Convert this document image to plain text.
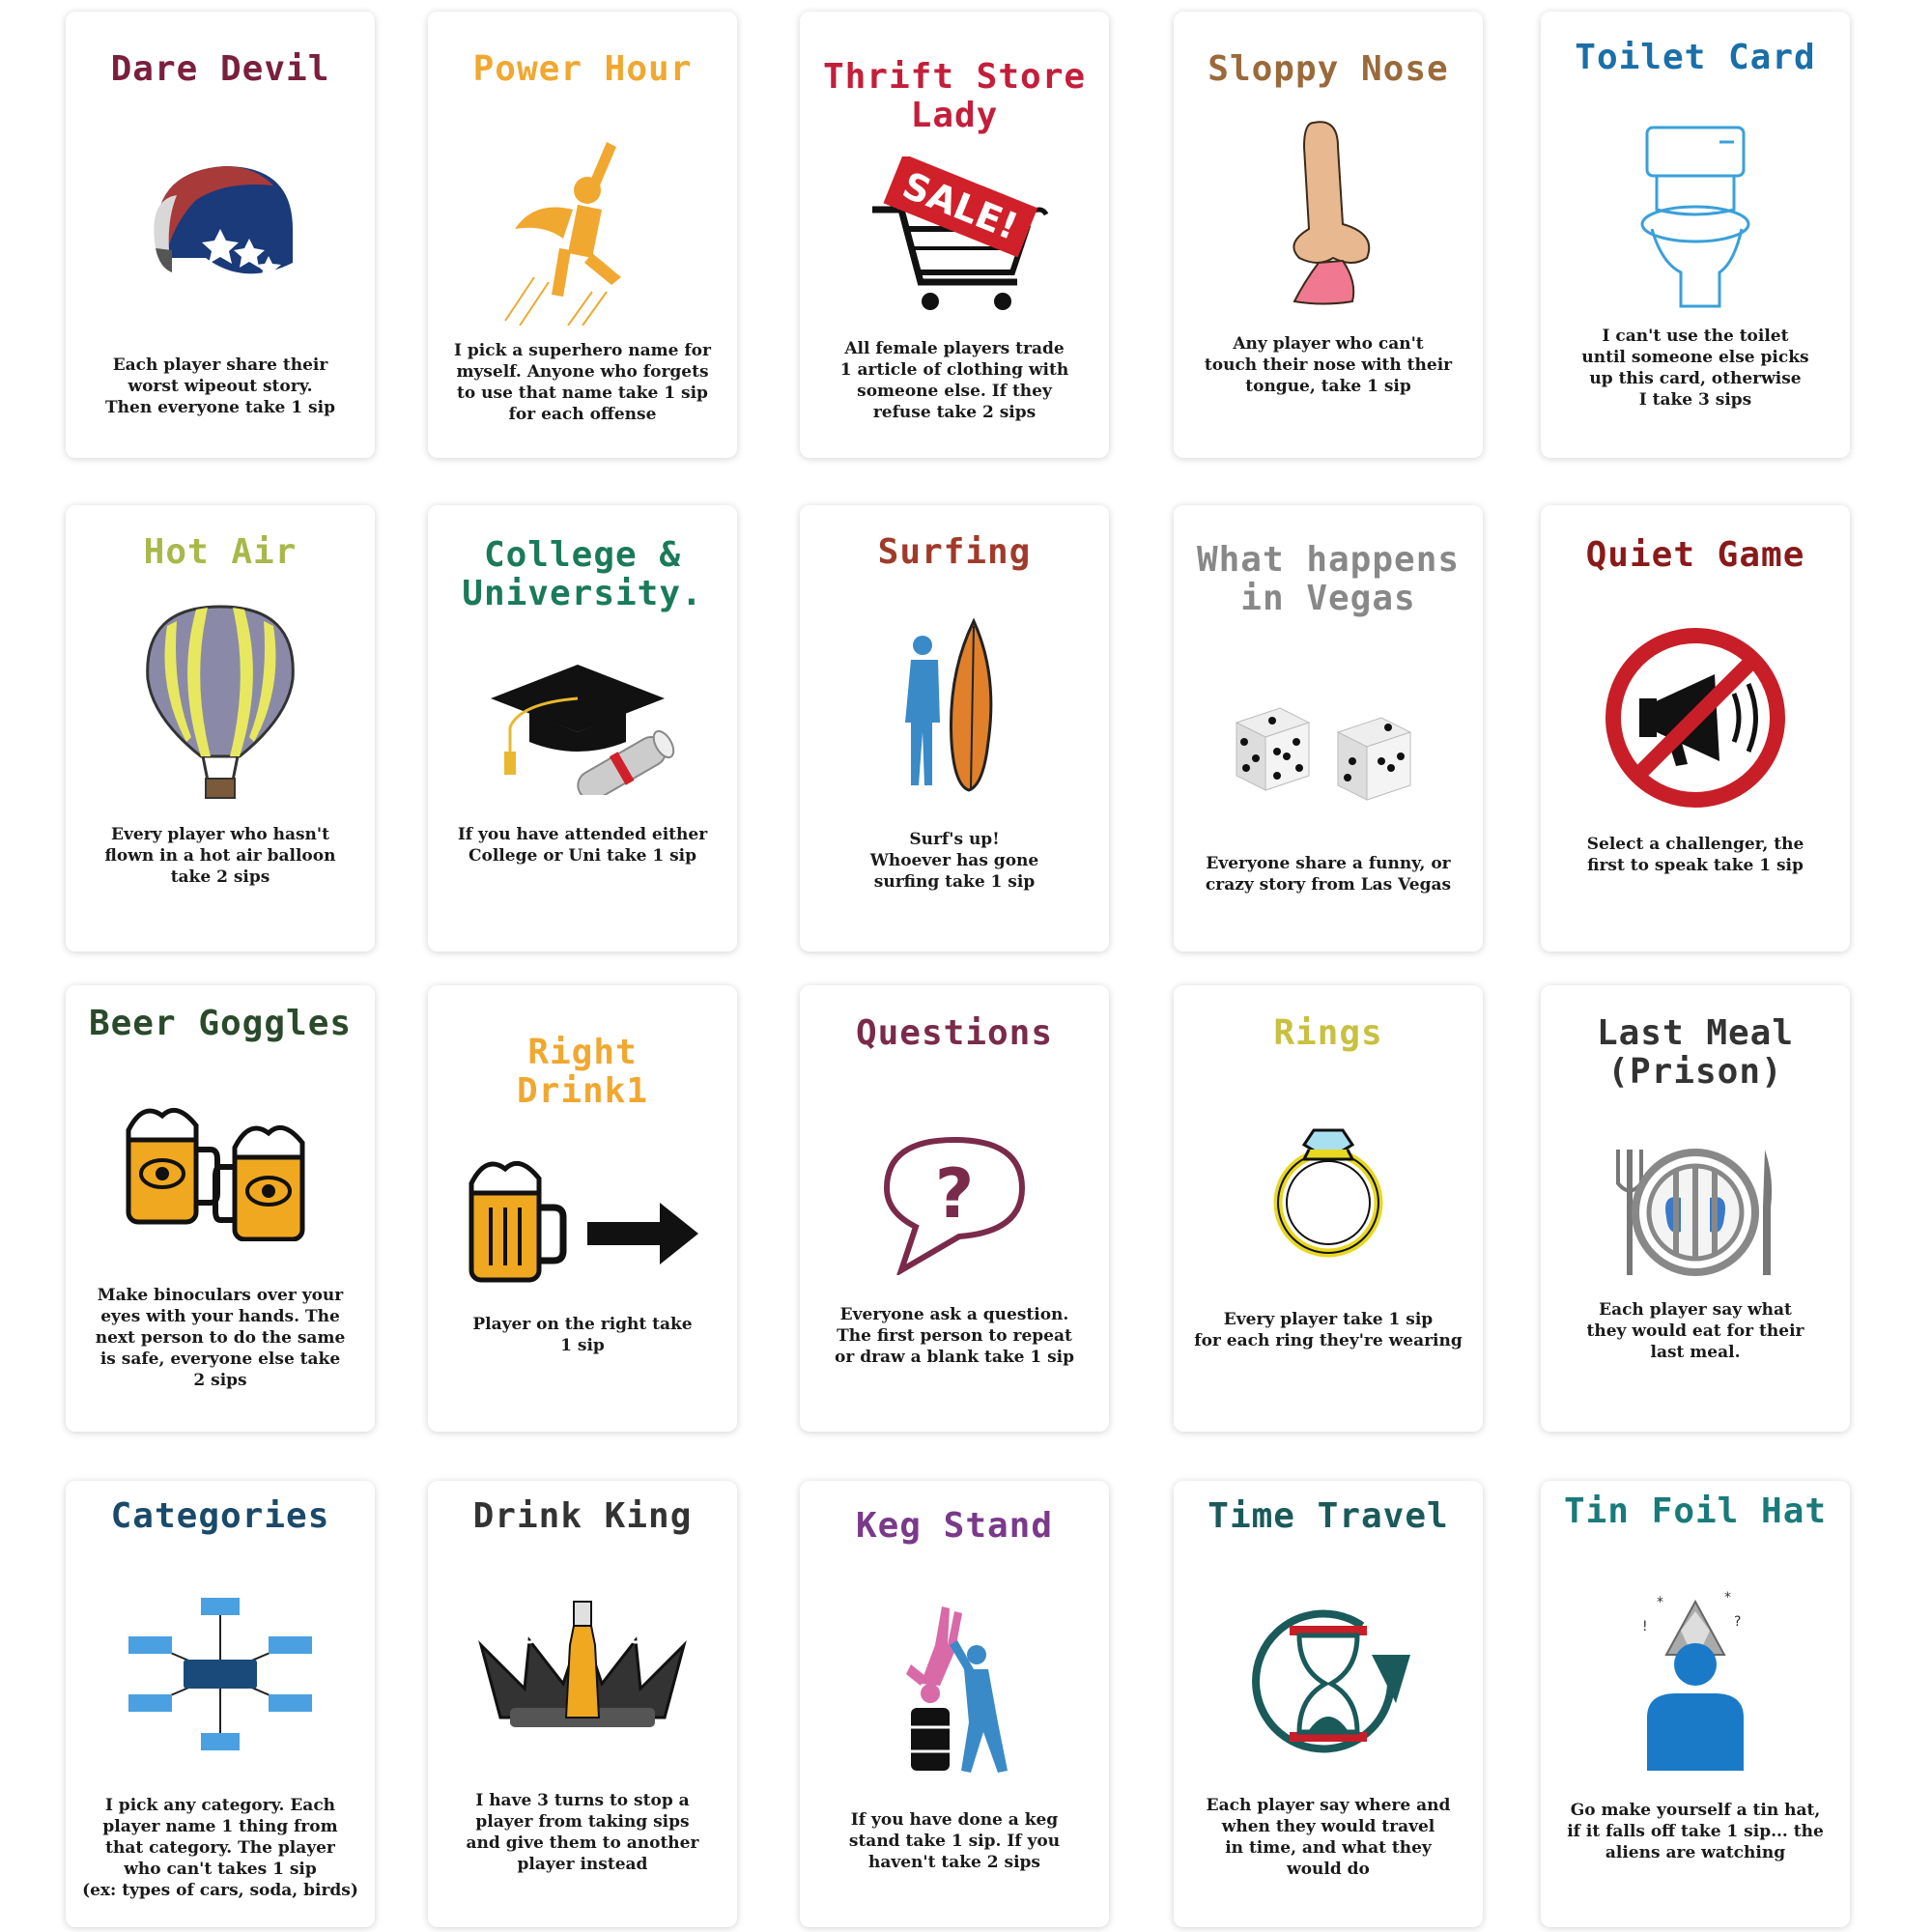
Dare Devil
Each player share their
worst wipeout story.
Then everyone take 1 sip
Power Hour
I pick a superhero name for
myself. Anyone who forgets
to use that name take 1 sip
for each offense
Thrift Store
Lady
SALE!
All female players trade
1 article of clothing with
someone else. If they
refuse take 2 sips
Sloppy Nose
Any player who can't
touch their nose with their
tongue, take 1 sip
Toilet Card
I can't use the toilet
until someone else picks
up this card, otherwise
I take 3 sips
Hot Air
Every player who hasn't
flown in a hot air balloon
take 2 sips
College &
University.
If you have attended either
College or Uni take 1 sip
Surfing
Surf's up!
Whoever has gone
surfing take 1 sip
What happens
in Vegas
Everyone share a funny, or
crazy story from Las Vegas
Quiet Game
Select a challenger, the
first to speak take 1 sip
Beer Goggles
Make binoculars over your
eyes with your hands. The
next person to do the same
is safe, everyone else take
2 sips
Right
Drink1
Player on the right take
1 sip
Questions
?
Everyone ask a question.
The first person to repeat
or draw a blank take 1 sip
Rings
Every player take 1 sip
for each ring they're wearing
Last Meal
(Prison)
Each player say what
they would eat for their
last meal.
Categories
I pick any category. Each
player name 1 thing from
that category. The player
who can't takes 1 sip
(ex: types of cars, soda, birds)
Drink King
I have 3 turns to stop a
player from taking sips
and give them to another
player instead
Keg Stand
If you have done a keg
stand take 1 sip. If you
haven't take 2 sips
Time Travel
Each player say where and
when they would travel
in time, and what they
would do
Tin Foil Hat
*	*
!	?
Go make yourself a tin hat,
if it falls off take 1 sip... the
aliens are watching
